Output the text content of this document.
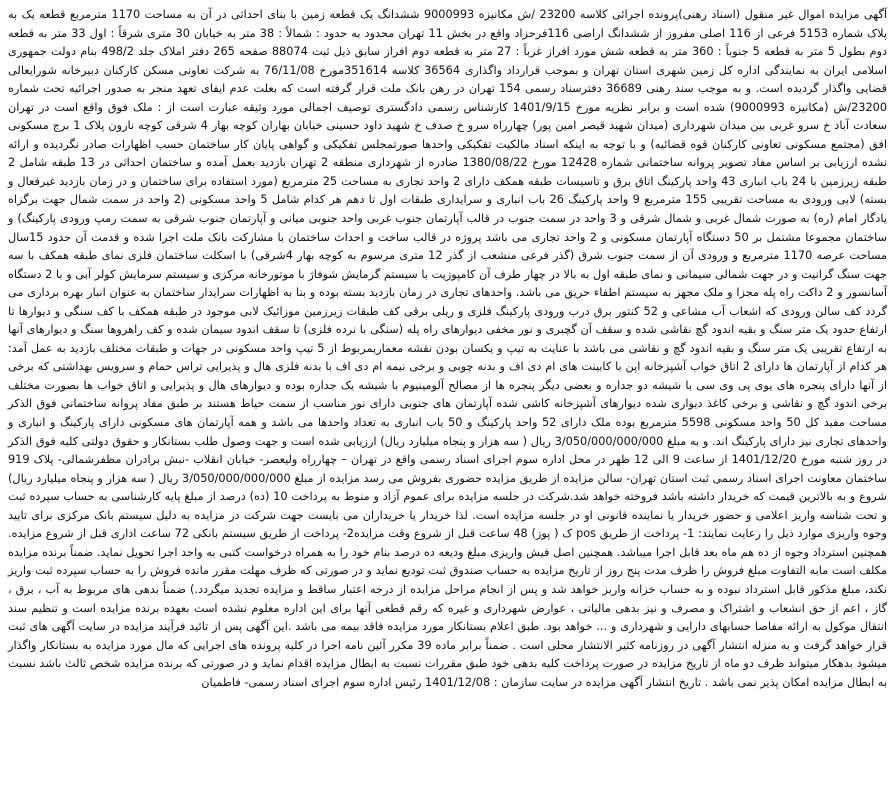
آگهی مزایده اموال غیر منقول (اسناد رهنی)پرونده اجرائی کلاسه 23200 /ش مکانیزه 9000993 ششدانگ یک قطعه زمین با بنای احداثی در آن به مساحت 1170 مترمربع قطعه یک به پلاک شماره 5153 فرعی از 116 اصلی مفروز از ششدانگ اراضی 116فرحزاد واقع در بخش 11 تهران محدود به حدود : شمالاً : 38 متر به خیابان 30 متری شرقاً : اول 33 متر به قطعه دوم بطول 5 متر به قطعه 5 جنوباً : 360 متر به قطعه شش مورد افراز غرباً : 27 متر به قطعه دوم افراز سابق ذیل ثبت 88074 صفحه 265 دفتر املاک جلد 498/2 بنام دولت جمهوری اسلامی ایران به نمایندگی اداره کل زمین شهری استان تهران و بموجب قرارداد واگذاری 36564 کلاسه 351614مورخ 76/11/08 به شرکت تعاونی مسکن کارکنان دبیرخانه شورایعالی قضایی واگذار گردیده است. و به موجب سند رهنی 36689 دفترسناد رسمی 154 تهران در رهن بانک ملت قرار گرفته است که بعلت عدم ایفای تعهد منجر به صدور اجرائیه تحت شماره 23200/ش (مکانیزه 9000993) شده است و برابر نظریه مورخ 1401/9/15 کارشناس رسمی دادگستری توصیف اجمالی مورد وثیقه عبارت است از : ملک فوق واقع است در تهران سعادت آباد خ سرو غربی بین میدان شهرداری (میدان شهید قیصر امین پور) چهارراه سرو خ صدف خ شهید داود حسینی خیابان بهاران کوچه بهار 4 شرقی کوچه نارون پلاک 1 برج مسکونی افق (مجتمع مسکونی تعاونی کارکنان قوه قضائیه) و با توجه به اینکه اسناد مالکیت تفکیکی واحدها صورتمجلس تفکیکی و گواهی پایان کار ساختمان حسب اظهارات صادر نگردیده و ارائه نشده ارزیابی بر اساس مفاد تصویر پروانه ساختمانی شماره 12428 مورخ 1380/08/22 صادره از شهرداری منطقه 2 تهران بازدید بعمل آمده و ساختمان احداثی در 13 طبقه شامل 2 طبقه زیرزمین با 24 باب انباری 43 واحد پارکینگ اتاق برق و تاسیسات طبقه همکف دارای 2 واحد تجاری به مساحت 25 مترمربع (مورد استفاده برای ساختمان و در زمان بازدید غیرفعال و بسته) لابی ورودی به مساحت تقریبی 155 مترمربع 9 واحد پارکینگ 26 باب انباری و سرایداری طبقات اول تا دهم هر کدام شامل 5 واحد مسکونی (2 واحد در سمت شمال جهت برگزاه یادگار امام (ره) به صورت شمال غربی و شمال شرقی و 3 واحد در سمت جنوب در قالب آپارتمان جنوب غربی واحد جنوبی میانی و آپارتمان جنوب شرقی به سمت رمپ ورودی پارکینگ) و ساختمان مجموعا مشتمل بر 50 دستگاه آپارتمان مسکونی و 2 واحد تجاری می باشد پروژه در قالب ساخت و احداث ساختمان با مشارکت بانک ملت اجرا شده و قدمت آن حدود 15سال مساحت عرصه 1170 مترمربع و ورودی آن از سمت جنوب شرق (گذر فرعی منشعب از گذر 12 متری مرسوم به کوچه بهار 4شرقی) با اسکلت ساختمان فلزی نمای طبقه همکف با سه جهت سنگ گرانیت و در جهت شمالی سیمانی و نمای طبقه اول به بالا در چهار طرف آن کامپوزیت با سیستم گرمایش شوفاژ با موتورخانه مرکزی و سیستم سرمایش کولر آبی و با 2 دستگاه آسانسور و 2 داکت راه پله مجزا و ملک مجهز به سیستم اطفاء حریق می باشد. واحدهای تجاری در زمان بازدید بسته بوده و بنا به اظهارات سرایدار ساختمان به عنوان انبار بهره برداری می گردد کف سالن ورودی که اشعاب آب مشاعی و 52 کنتور برق درب ورودی پارکینگ فلزی و ریلی برقی کف طبقات زیرزمین موزائیک لابی موجود در طبقه همکف با کف سنگی و دیوارها تا ارتفاع حدود یک متر سنگ و بقیه اندود گچ نقاشی شده و سقف آن گچبری و نور مخفی دیوارهای راه پله (سنگی با نرده فلزی) تا سقف اندود سیمان شده و کف راهروها سنگ و دیوارهای آنها به ارتفاع تقریبی یک متر سنگ و بقیه اندود گچ و نقاشی می باشد با عنایت به تیپ و یکسان بودن نقشه معماریمربوط از 5 تیپ واحد مسکونی در جهات و طبقات مختلف بازدید به عمل آمد: هر کدام از آپارتمان ها دارای 2 اتاق خواب آشپزخانه اپن با کابینت های ام دی اف و بدنه چوبی و برخی نیمه ام دی اف با بدنه فلزی هال و پذیرایی تراس حمام و سرویس بهداشتی که برخی از آنها دارای پنجره های یوی پی وی سی با شیشه دو جداره و بعضی دیگر پنجره ها از مصالح آلومینیوم با شیشه یک جداره بوده و دیوارهای هال و پذیرایی و اتاق خواب ها بصورت مختلف برخی اندود گچ و نقاشی و برخی کاغذ دیواری شده دیوارهای آشپزخانه کاشی شده آپارتمان های جنوبی دارای نور مناسب از سمت حیاط هستند بر طبق مفاد پروانه ساختمانی فوق الذکر مساحت مفید کل 50 واحد مسکونی 5598 مترمربع بوده ملک دارای 52 واحد پارکینگ و 50 باب انباری به تعداد واحدها می باشد و همه آپارتمان های مسکونی دارای پارکینگ و انباری و واحدهای تجاری نیز دارای پارکینگ اند. و به مبلغ 3/050/000/000/000 ریال ( سه هزار و پنجاه میلیارد ریال) ارزیابی شده است و جهت وصول طلب بستانکار و حقوق دولتی کلیه فوق الذکر در روز شنبه مورخ 1401/12/20 از ساعت 9 الی 12 ظهر در محل اداره سوم اجرای اسناد رسمی واقع در تهران – چهارراه ولیعصر- خیابان انقلاب -نبش برادران مظفرشمالی- پلاک 919 ساختمان معاونت اجرای اسناد رسمی ثبت استان تهران- سالن مزایده از طریق مزایده حضوری بفروش می رسد مزایده از مبلغ 3/050/000/000/000 ریال ( سه هزار و پنجاه میلیارد ریال) شروع و به بالاترین قیمت که خریدار داشته باشد فروخته خواهد شد.شرکت در جلسه مزایده برای عموم آزاد و منوط به پرداخت 10 (ده) درصد از مبلغ پایه کارشناسی به حساب سپرده ثبت و تحت شناسه واریز اعلامی و حضور خریدار یا نماینده قانونی او در جلسه مزایده است. لذا خریدار یا خریداران می بایست جهت شرکت در مزایده به دلیل سیستم بانک مرکزی برای تایید وجوه واریزی موارد ذیل را رعایت نمایند: 1- پرداخت از طریق pos ک ( پوز) 48 ساعت قبل از شروع وقت مزایده2- پرداخت از طریق سیستم بانکی 72 ساعت اداری قبل از شروع مزایده. همچنین استرداد وجوه از ده هم ماه بعد قابل اجرا میباشد. همچنین اصل فیش واریزی مبلغ ودیعه ده درصد بنام خود را به همراه درخواست کتبی به واحد اجرا تحویل نماید. ضمناً برنده مزایده مکلف است مابه التفاوت مبلغ فروش را ظرف مدت پنج روز از تاریخ مزایده به حساب صندوق ثبت تودیع نماید و در صورتی که ظرف مهلت مقرر مانده فروش را به حساب سپرده ثبت واریز نکند، مبلغ مذکور قابل استرداد نبوده و به حساب خزانه واریز خواهد شد و پس از انجام مراحل مزایده از درجه اعتبار ساقط و مزایده تجدید میگردد.) ضمناً بدهی های مربوط به آب ، برق ، گاز ، اعم از حق انشعاب و اشتراک و مصرف و نیز بدهی مالیاتی ، عوارض شهرداری و غیره که رقم قطعی آنها برای این اداره معلوم نشده است بعهده برنده مزایده است و تنظیم سند انتقال موکول به ارائه مفاصا حسابهای دارایی و شهرداری و ... خواهد بود. طبق اعلام بستانکار مورد مزایده فاقد بیمه می باشد .این آگهی پس از تائید فرآیند مزایده در سایت آگهی های ثبت قرار خواهد گرفت و به منزله انتشار آگهی در روزنامه کثیر الانتشار محلی است . ضمناً برابر ماده 39 مکرر آئین نامه اجرا در کلیه پرونده های اجرایی که مال مورد مزایده به بستانکار واگذار میشود بدهکار میتواند ظرف دو ماه از تاریخ مزایده در صورت پرداخت کلیه بدهی خود طبق مقررات نسبت به ابطال مزایده اقدام نماید و در صورتی که برنده مزایده شخص ثالث باشد نسبت به ابطال مزایده امکان پذیر نمی باشد . تاریخ انتشار آگهی مزایده در سایت سازمان : 1401/12/08 رئیس اداره سوم اجرای اسناد رسمی- فاطمیان
